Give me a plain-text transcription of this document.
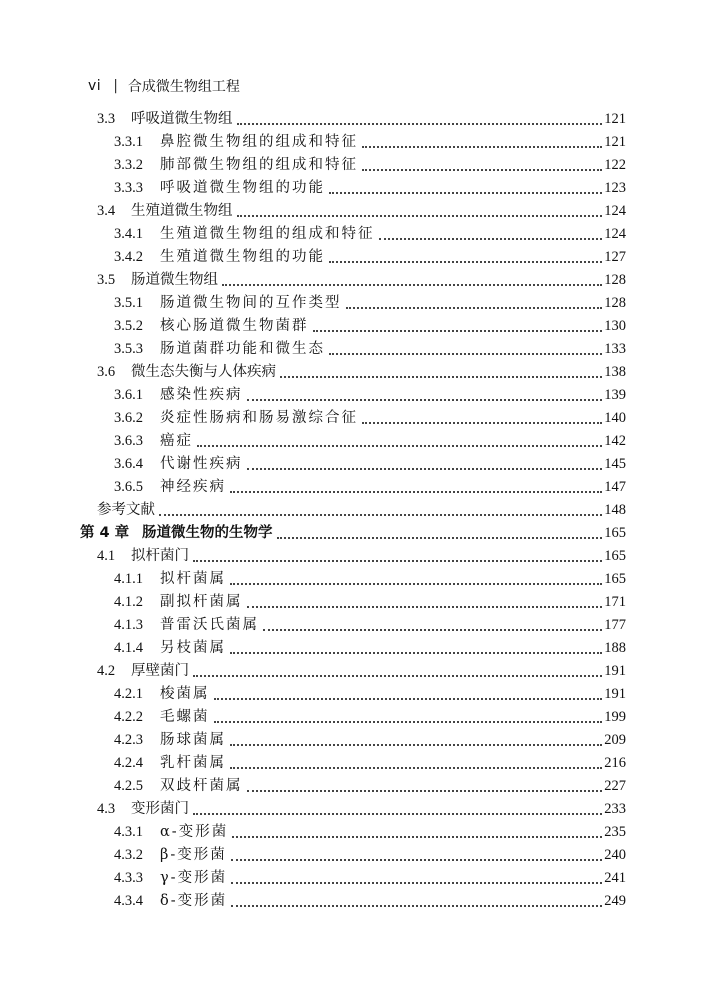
vi | 合成微生物组工程
3.3	呼吸道微生物组	121
3.3.1	鼻腔微生物组的组成和特征	121
3.3.2	肺部微生物组的组成和特征	122
3.3.3	呼吸道微生物组的功能	123
3.4	生殖道微生物组	124
3.4.1	生殖道微生物组的组成和特征	124
3.4.2	生殖道微生物组的功能	127
3.5	肠道微生物组	128
3.5.1	肠道微生物间的互作类型	128
3.5.2	核心肠道微生物菌群	130
3.5.3	肠道菌群功能和微生态	133
3.6	微生态失衡与人体疾病	138
3.6.1	感染性疾病	139
3.6.2	炎症性肠病和肠易激综合征	140
3.6.3	癌症	142
3.6.4	代谢性疾病	145
3.6.5	神经疾病	147
参考文献	148
第 4 章 肠道微生物的生物学	165
4.1	拟杆菌门	165
4.1.1	拟杆菌属	165
4.1.2	副拟杆菌属	171
4.1.3	普雷沃氏菌属	177
4.1.4	另枝菌属	188
4.2	厚壁菌门	191
4.2.1	梭菌属	191
4.2.2	毛螺菌	199
4.2.3	肠球菌属	209
4.2.4	乳杆菌属	216
4.2.5	双歧杆菌属	227
4.3	变形菌门	233
4.3.1	α-变形菌	235
4.3.2	β-变形菌	240
4.3.3	γ-变形菌	241
4.3.4	δ-变形菌	249
